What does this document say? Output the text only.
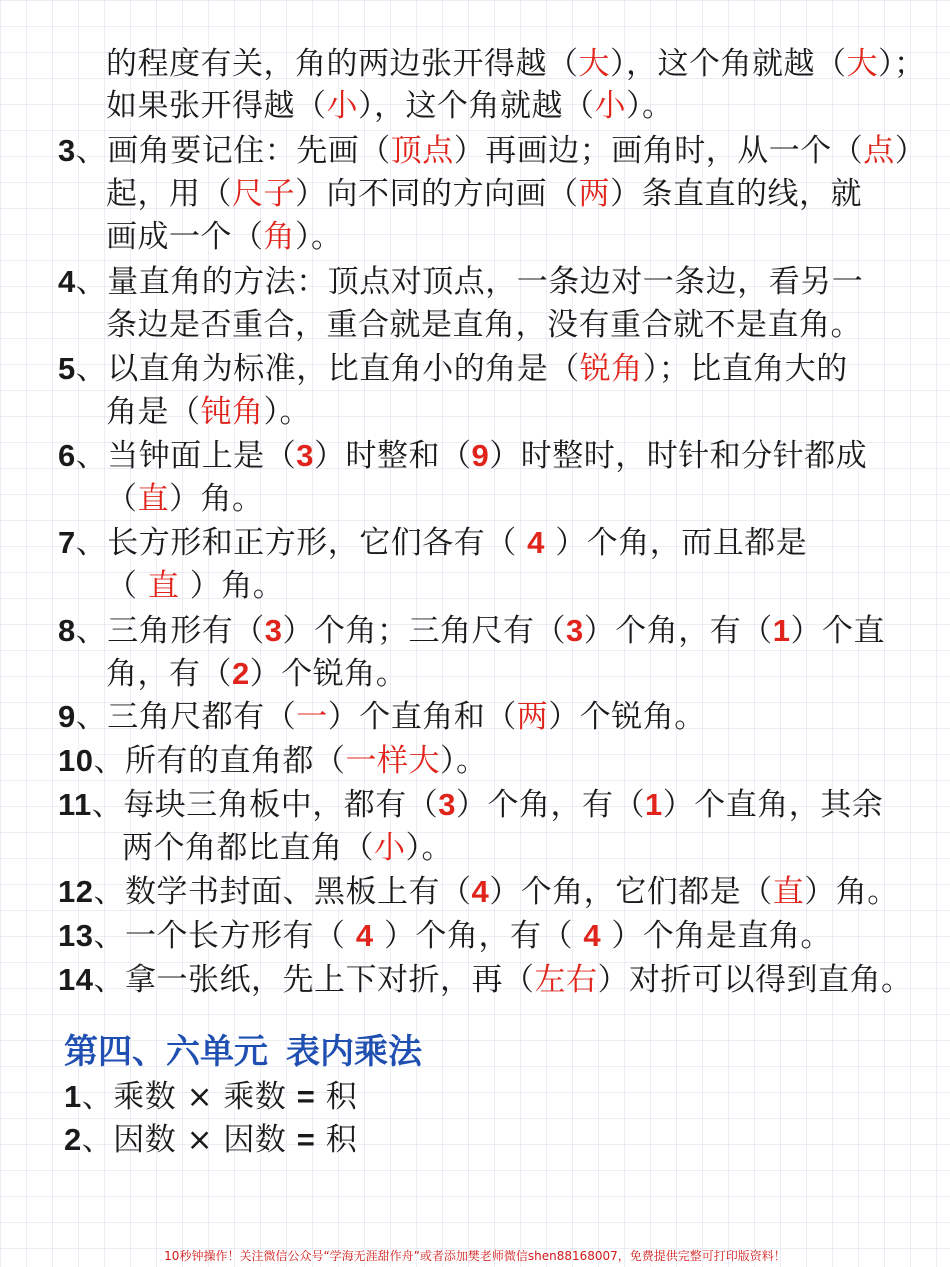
的程度有关，角的两边张开得越（大），这个角就越（大）；
如果张开得越（小），这个角就越（小）。
3、画角要记住：先画（顶点）再画边；画角时，从一个（点）
起，用（尺子）向不同的方向画（两）条直直的线，就
画成一个（角）。
4、量直角的方法：顶点对顶点，一条边对一条边，看另一
条边是否重合，重合就是直角，没有重合就不是直角。
5、以直角为标准，比直角小的角是（锐角）；比直角大的
角是（钝角）。
6、当钟面上是（3）时整和（9）时整时，时针和分针都成
（直）角。
7、长方形和正方形，它们各有（ 4 ）个角，而且都是
（ 直 ）角。
8、三角形有（3）个角；三角尺有（3）个角，有（1）个直
角，有（2）个锐角。
9、三角尺都有（一）个直角和（两）个锐角。
10、所有的直角都（一样大）。
11、每块三角板中，都有（3）个角，有（1）个直角，其余
两个角都比直角（小）。
12、数学书封面、黑板上有（4）个角，它们都是（直）角。
13、一个长方形有（ 4 ）个角，有（ 4 ）个角是直角。
14、拿一张纸，先上下对折，再（左右）对折可以得到直角。
1、乘数 × 乘数 = 积
2、因数 × 因数 = 积
第四、六单元 表内乘法
10秒钟操作！关注微信公众号“学海无涯甜作舟”或者添加樊老师微信shen88168007，免费提供完整可打印版资料！
